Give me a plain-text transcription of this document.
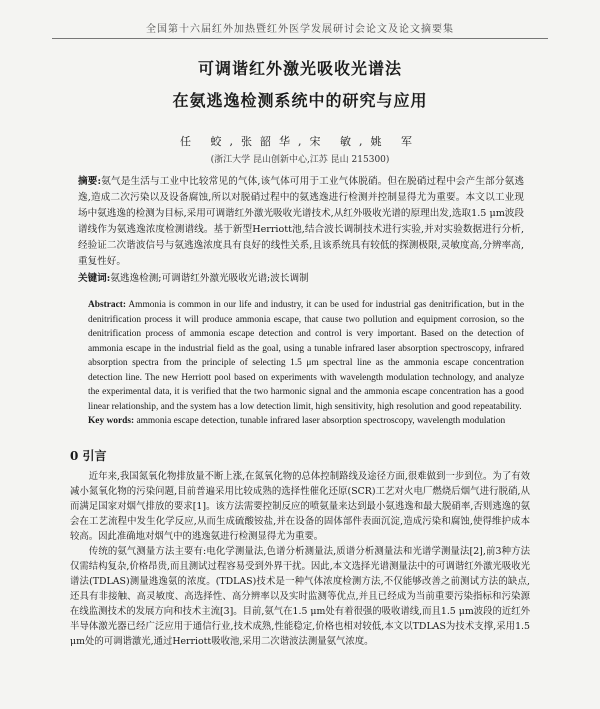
全国第十六届红外加热暨红外医学发展研讨会论文及论文摘要集
可调谐红外激光吸收光谱法
在氨逃逸检测系统中的研究与应用
任 蛟,张韶华,宋 敏,姚 军
(浙江大学 昆山创新中心,江苏 昆山 215300)
摘要:氨气是生活与工业中比较常见的气体,该气体可用于工业气体脱硝。但在脱硝过程中会产生部分氨逃逸,造成二次污染以及设备腐蚀,所以对脱硝过程中的氨逃逸进行检测并控制显得尤为重要。本文以工业现场中氨逃逸的检测为目标,采用可调谐红外激光吸收光谱技术,从红外吸收光谱的原理出发,选取1.5 μm波段谱线作为氨逃逸浓度检测谱线。基于新型Herriott池,结合波长调制技术进行实验,并对实验数据进行分析,经验证二次谐波信号与氨逃逸浓度具有良好的线性关系,且该系统具有较低的探测极限,灵敏度高,分辨率高,重复性好。
Abstract: Ammonia is common in our life and industry, it can be used for industrial gas denitrification, but in the denitrification process it will produce ammonia escape, that cause two pollution and equipment corrosion, so the denitrification process of ammonia escape detection and control is very important. Based on the detection of ammonia escape in the industrial field as the goal, using a tunable infrared laser absorption spectroscopy, infrared absorption spectra from the principle of selecting 1.5 μm spectral line as the ammonia escape concentration detection line. The new Herriott pool based on experiments with wavelength modulation technology, and analyze the experimental data, it is verified that the two harmonic signal and the ammonia escape concentration has a good linear relationship, and the system has a low detection limit, high sensitivity, high resolution and good repeatability.
Key words: ammonia escape detection, tunable infrared laser absorption spectroscopy, wavelength modulation
0 引言

近年来,我国氮氧化物排放量不断上涨,在氮氧化物的总体控制路线及途径方面,很难做到一步到位。为了有效减小氮氧化物的污染问题,目前普遍采用比较成熟的选择性催化还原(SCR)工艺对火电厂燃烧后烟气进行脱硝,从而满足国家对烟气排放的要求[1]。该方法需要控制反应的喷氨量来达到最小氨逃逸和最大脱硝率,否则逃逸的氨会在工艺流程中发生化学反应,从而生成硫酸铵盐,并在设备的固体部件表面沉淀,造成污染和腐蚀,使得维护成本较高。因此准确地对烟气中的逃逸氨进行检测显得尤为重要。

传统的氨气测量方法主要有:电化学测量法,色谱分析测量法,质谱分析测量法和光谱学测量法[2],前3种方法仅需结构复杂,价格昂贵,而且测试过程容易受到外界干扰。因此,本文选择光谱测量法中的可调谐红外激光吸收光谱法(TDLAS)测量逃逸氨的浓度。(TDLAS)技术是一种气体浓度检测方法,不仅能够改善之前测试方法的缺点,还具有非接触、高灵敏度、高选择性、高分辨率以及实时监测等优点,并且已经成为当前重要污染指标和污染源在线监测技术的发展方向和技术主流[3]。目前,氨气在1.5 μm处有着很强的吸收谱线,而且1.5 μm波段的近红外半导体激光器已经广泛应用于通信行业,技术成熟,性能稳定,价格也相对较低,本文以TDLAS为技术支撑,采用1.5 μm处的可调谐激光,通过Herriott吸收池,采用二次谐波法测量氨气浓度。

关键词:氨逃逸检测;可调谐红外激光吸收光谱;波长调制
